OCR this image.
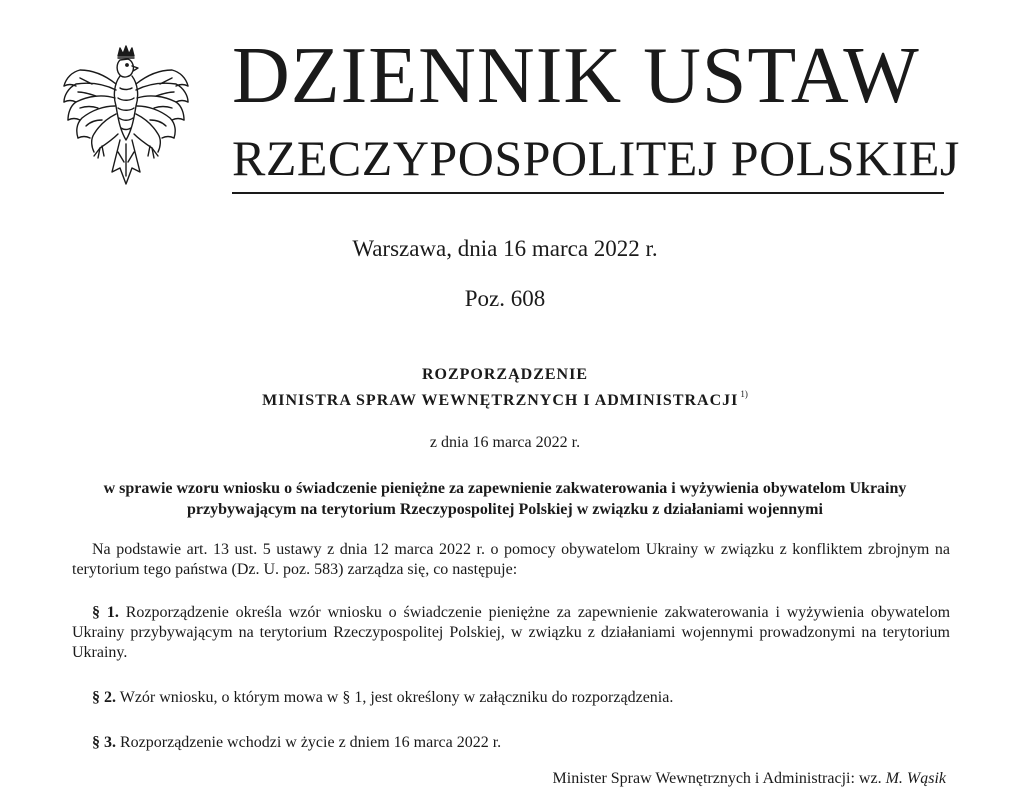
DZIENNIK USTAW
RZECZYPOSPOLITEJ POLSKIEJ
Warszawa, dnia 16 marca 2022 r.
Poz. 608
ROZPORZĄDZENIE
MINISTRA SPRAW WEWNĘTRZNYCH I ADMINISTRACJI $^{1)}$
z dnia 16 marca 2022 r.
w sprawie wzoru wniosku o świadczenie pieniężne za zapewnienie zakwaterowania i wyżywienia obywatelom Ukrainy przybywającym na terytorium Rzeczypospolitej Polskiej w związku z działaniami wojennymi
Na podstawie art. 13 ust. 5 ustawy z dnia 12 marca 2022 r. o pomocy obywatelom Ukrainy w związku z konfliktem zbrojnym na terytorium tego państwa (Dz. U. poz. 583) zarządza się, co następuje:
§ 1. Rozporządzenie określa wzór wniosku o świadczenie pieniężne za zapewnienie zakwaterowania i wyżywienia obywatelom Ukrainy przybywającym na terytorium Rzeczypospolitej Polskiej, w związku z działaniami wojennymi prowadzonymi na terytorium Ukrainy.
§ 2. Wzór wniosku, o którym mowa w § 1, jest określony w załączniku do rozporządzenia.
§ 3. Rozporządzenie wchodzi w życie z dniem 16 marca 2022 r.
Minister Spraw Wewnętrznych i Administracji: wz. M. Wąsik
